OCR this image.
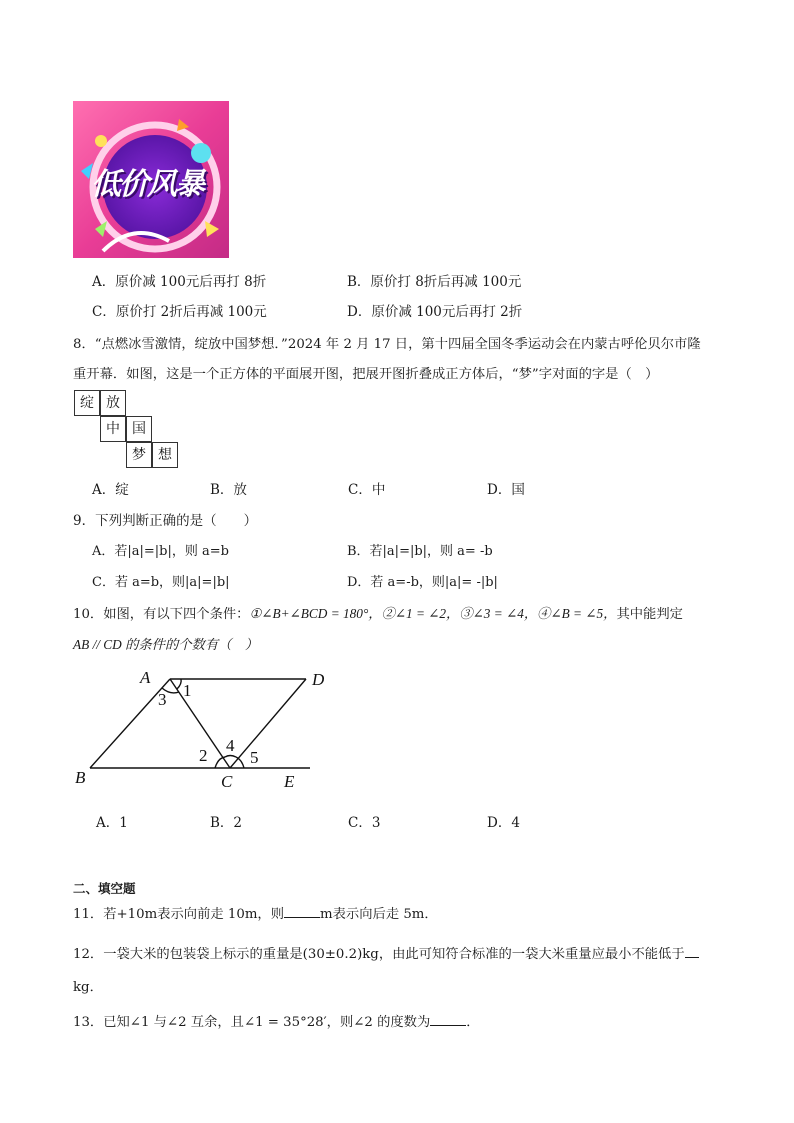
低价风暴
A．原价减 100元后再打 8折	B．原价打 8折后再减 100元
C．原价打 2折后再减 100元	D．原价减 100元后再打 2折
8．“点燃冰雪激情，绽放中国梦想．”2024 年 2 月 17 日，第十四届全国冬季运动会在内蒙古呼伦贝尔市隆
重开幕．如图，这是一个正方体的平面展开图，把展开图折叠成正方体后，“梦”字对面的字是（　）
绽 放
中 国
梦 想
A．绽	B．放	C．中	D．国
9．下列判断正确的是（　　）
A．若|a|=|b|，则 a=b	B．若|a|=|b|，则 a= -b
C．若 a=b，则|a|=|b|	D．若 a=-b，则|a|= -|b|
10．如图，有以下四个条件：①∠B+∠BCD = 180°，②∠1 = ∠2，③∠3 = ∠4，④∠B = ∠5，其中能判定
AB // CD 的条件的个数有（　）
A	D
B	C	E
1
2
3
4
5
A．1	B．2	C．3	D．4
二、填空题
11．若+10m表示向前走 10m，则	m表示向后走 5m．
12．一袋大米的包装袋上标示的重量是(30±0.2)kg，由此可知符合标准的一袋大米重量应最小不能低于
kg．
13．已知∠1 与∠2 互余，且∠1 = 35°28′，则∠2 的度数为	．
